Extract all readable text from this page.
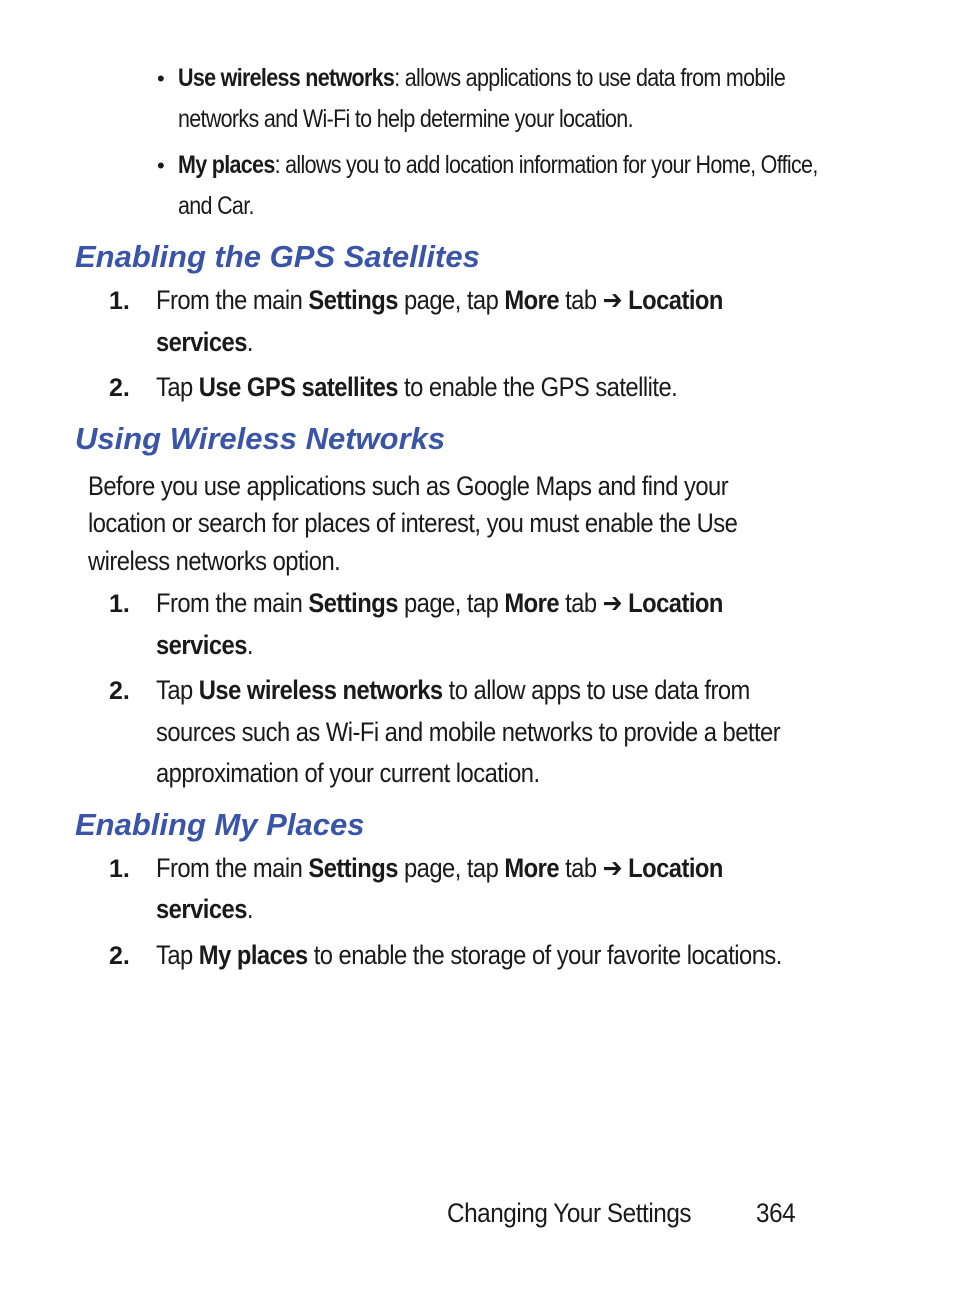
• Use wireless networks: allows applications to use data from mobile
networks and Wi-Fi to help determine your location.
• My places: allows you to add location information for your Home, Office,
and Car.
Enabling the GPS Satellites
1. From the main Settings page, tap More tab ➔ Location
services.
2. Tap Use GPS satellites to enable the GPS satellite.
Using Wireless Networks
Before you use applications such as Google Maps and find your
location or search for places of interest, you must enable the Use
wireless networks option.
1. From the main Settings page, tap More tab ➔ Location
services.
2. Tap Use wireless networks to allow apps to use data from
sources such as Wi-Fi and mobile networks to provide a better
approximation of your current location.
Enabling My Places
1. From the main Settings page, tap More tab ➔ Location
services.
2. Tap My places to enable the storage of your favorite locations.
Changing Your Settings 364
